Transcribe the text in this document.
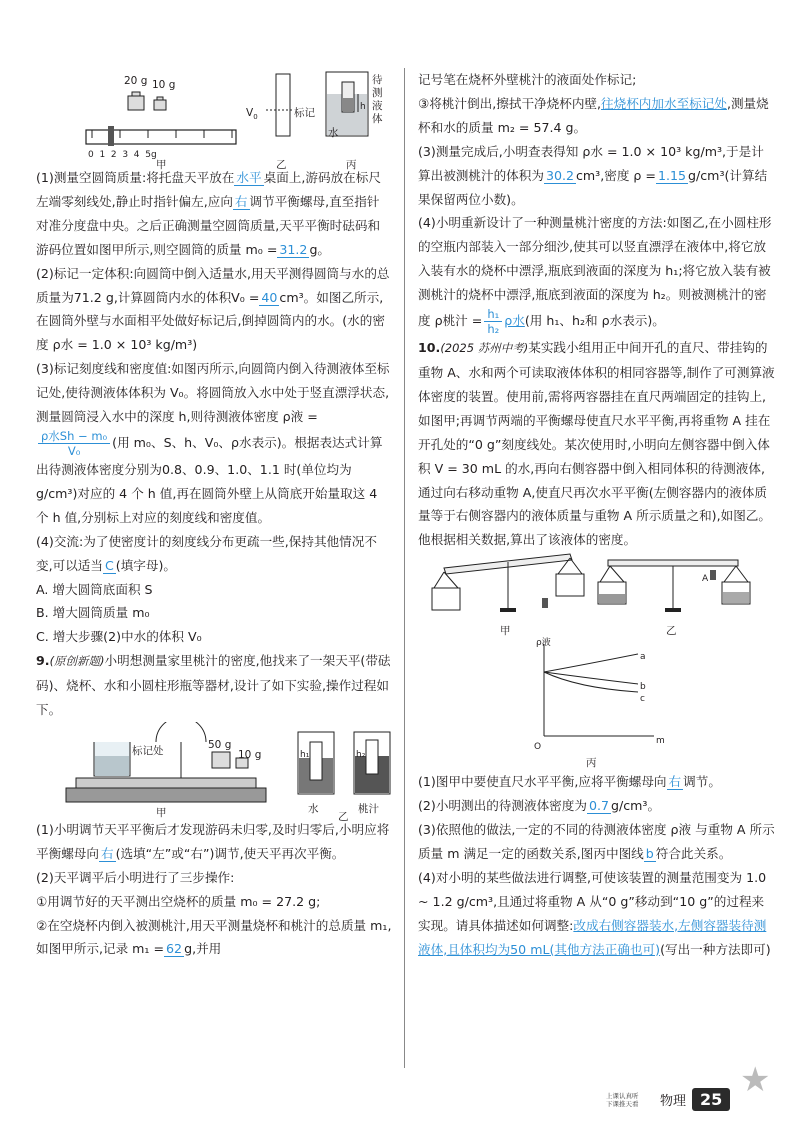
20 g 10 g
0  1  2  3  4  5g
甲
$V_0$	标记
乙
水
h
待测
液体
丙

(1)测量空圆筒质量:将托盘天平放在 水平 桌面上,游码放在标尺左端零刻线处,静止时指针偏左,应向 右 调节平衡螺母,直至指针对准分度盘中央。之后正确测量空圆筒质量,天平平衡时砝码和游码位置如图甲所示,则空圆筒的质量 m₀ = 31.2 g。

(2)标记一定体积:向圆筒中倒入适量水,用天平测得圆筒与水的总质量为71.2 g,计算圆筒内水的体积V₀ = 40 cm³。如图乙所示,在圆筒外壁与水面相平处做好标记后,倒掉圆筒内的水。(水的密度 ρ水 = 1.0 × 10³ kg/m³)

(3)标记刻度线和密度值:如图丙所示,向圆筒内倒入待测液体至标记处,使待测液体体积为 V₀。将圆筒放入水中处于竖直漂浮状态,测量圆筒浸入水中的深度 h,则待测液体密度 ρ液 =
$\frac{\text{ρ水Sh − m₀}}{\text{V₀}}$ (用 m₀、S、h、V₀、ρ水表示)。根据表达式计算出待测液体密度分别为0.8、0.9、1.0、1.1 时(单位均为 g/cm³)对应的 4 个 h 值,再在圆筒外壁上从筒底开始量取这 4 个 h 值,分别标上对应的刻度线和密度值。

(4)交流:为了使密度计的刻度线分布更疏一些,保持其他情况不变,可以适当 C (填字母)。

A. 增大圆筒底面积 S

B. 增大圆筒质量 m₀

C. 增大步骤(2)中水的体积 V₀

9.(原创新题)小明想测量家里桃汁的密度,他找来了一架天平(带砝码)、烧杯、水和小圆柱形瓶等器材,设计了如下实验,操作过程如下。

标记处	50 g
10 g
甲
h₁	h₂
水
乙
桃汁

(1)小明调节天平平衡后才发现游码未归零,及时归零后,小明应将平衡螺母向 右 (选填“左”或“右”)调节,使天平再次平衡。

(2)天平调平后小明进行了三步操作:

①用调节好的天平测出空烧杯的质量 m₀ = 27.2 g;

②在空烧杯内倒入被测桃汁,用天平测量烧杯和桃汁的总质量 m₁,如图甲所示,记录 m₁ = 62 g,并用

记号笔在烧杯外壁桃汁的液面处作标记;

③将桃汁倒出,擦拭干净烧杯内壁,往烧杯内加水至标记处,测量烧杯和水的质量 m₂ = 57.4 g。

(3)测量完成后,小明查表得知 ρ水 = 1.0 × 10³ kg/m³,于是计算出被测桃汁的体积为 30.2 cm³,密度 ρ = 1.15 g/cm³(计算结果保留两位小数)。

(4)小明重新设计了一种测量桃汁密度的方法:如图乙,在小圆柱形的空瓶内部装入一部分细沙,使其可以竖直漂浮在液体中,将它放入装有水的烧杯中漂浮,瓶底到液面的深度为 h₁;将它放入装有被测桃汁的烧杯中漂浮,瓶底到液面的深度为 h₂。则被测桃汁的密度 ρ桃汁 = $\frac{\text{h₁}}{\text{h₂}}$ ρ水(用 h₁、h₂和 ρ水表示)。

10.(2025 苏州中考)某实践小组用正中间开孔的直尺、带挂钩的重物 A、水和两个可读取液体体积的相同容器等,制作了可测算液体密度的装置。使用前,需将两容器挂在直尺两端固定的挂钩上,如图甲;再调节两端的平衡螺母使直尺水平平衡,再将重物 A 挂在开孔处的“0 g”刻度线处。某次使用时,小明向左侧容器中倒入体积 V = 30 mL 的水,再向右侧容器中倒入相同体积的待测液体,通过向右移动重物 A,使直尺再次水平平衡(左侧容器内的液体质量等于右侧容器内的液体质量与重物 A 所示质量之和),如图乙。他根据相关数据,算出了该液体的密度。

甲	乙
A
ρ液
a
b
c
O
m
丙

(1)图甲中要使直尺水平平衡,应将平衡螺母向 右 调节。

(2)小明测出的待测液体密度为 0.7 g/cm³。

(3)依照他的做法,一定的不同的待测液体密度 ρ液 与重物 A 所示质量 m 满足一定的函数关系,图丙中图线 b 符合此关系。

(4)对小明的某些做法进行调整,可使该装置的测量范围变为 1.0 ~ 1.2 g/cm³,且通过将重物 A 从“0 g”移动到“10 g”的过程来实现。请具体描述如何调整:改成右侧容器装水,左侧容器装待测液体,且体积均为50 mL(其他方法正确也可)(写出一种方法即可)

上课认真听
下课推天看	物理 25 ★
